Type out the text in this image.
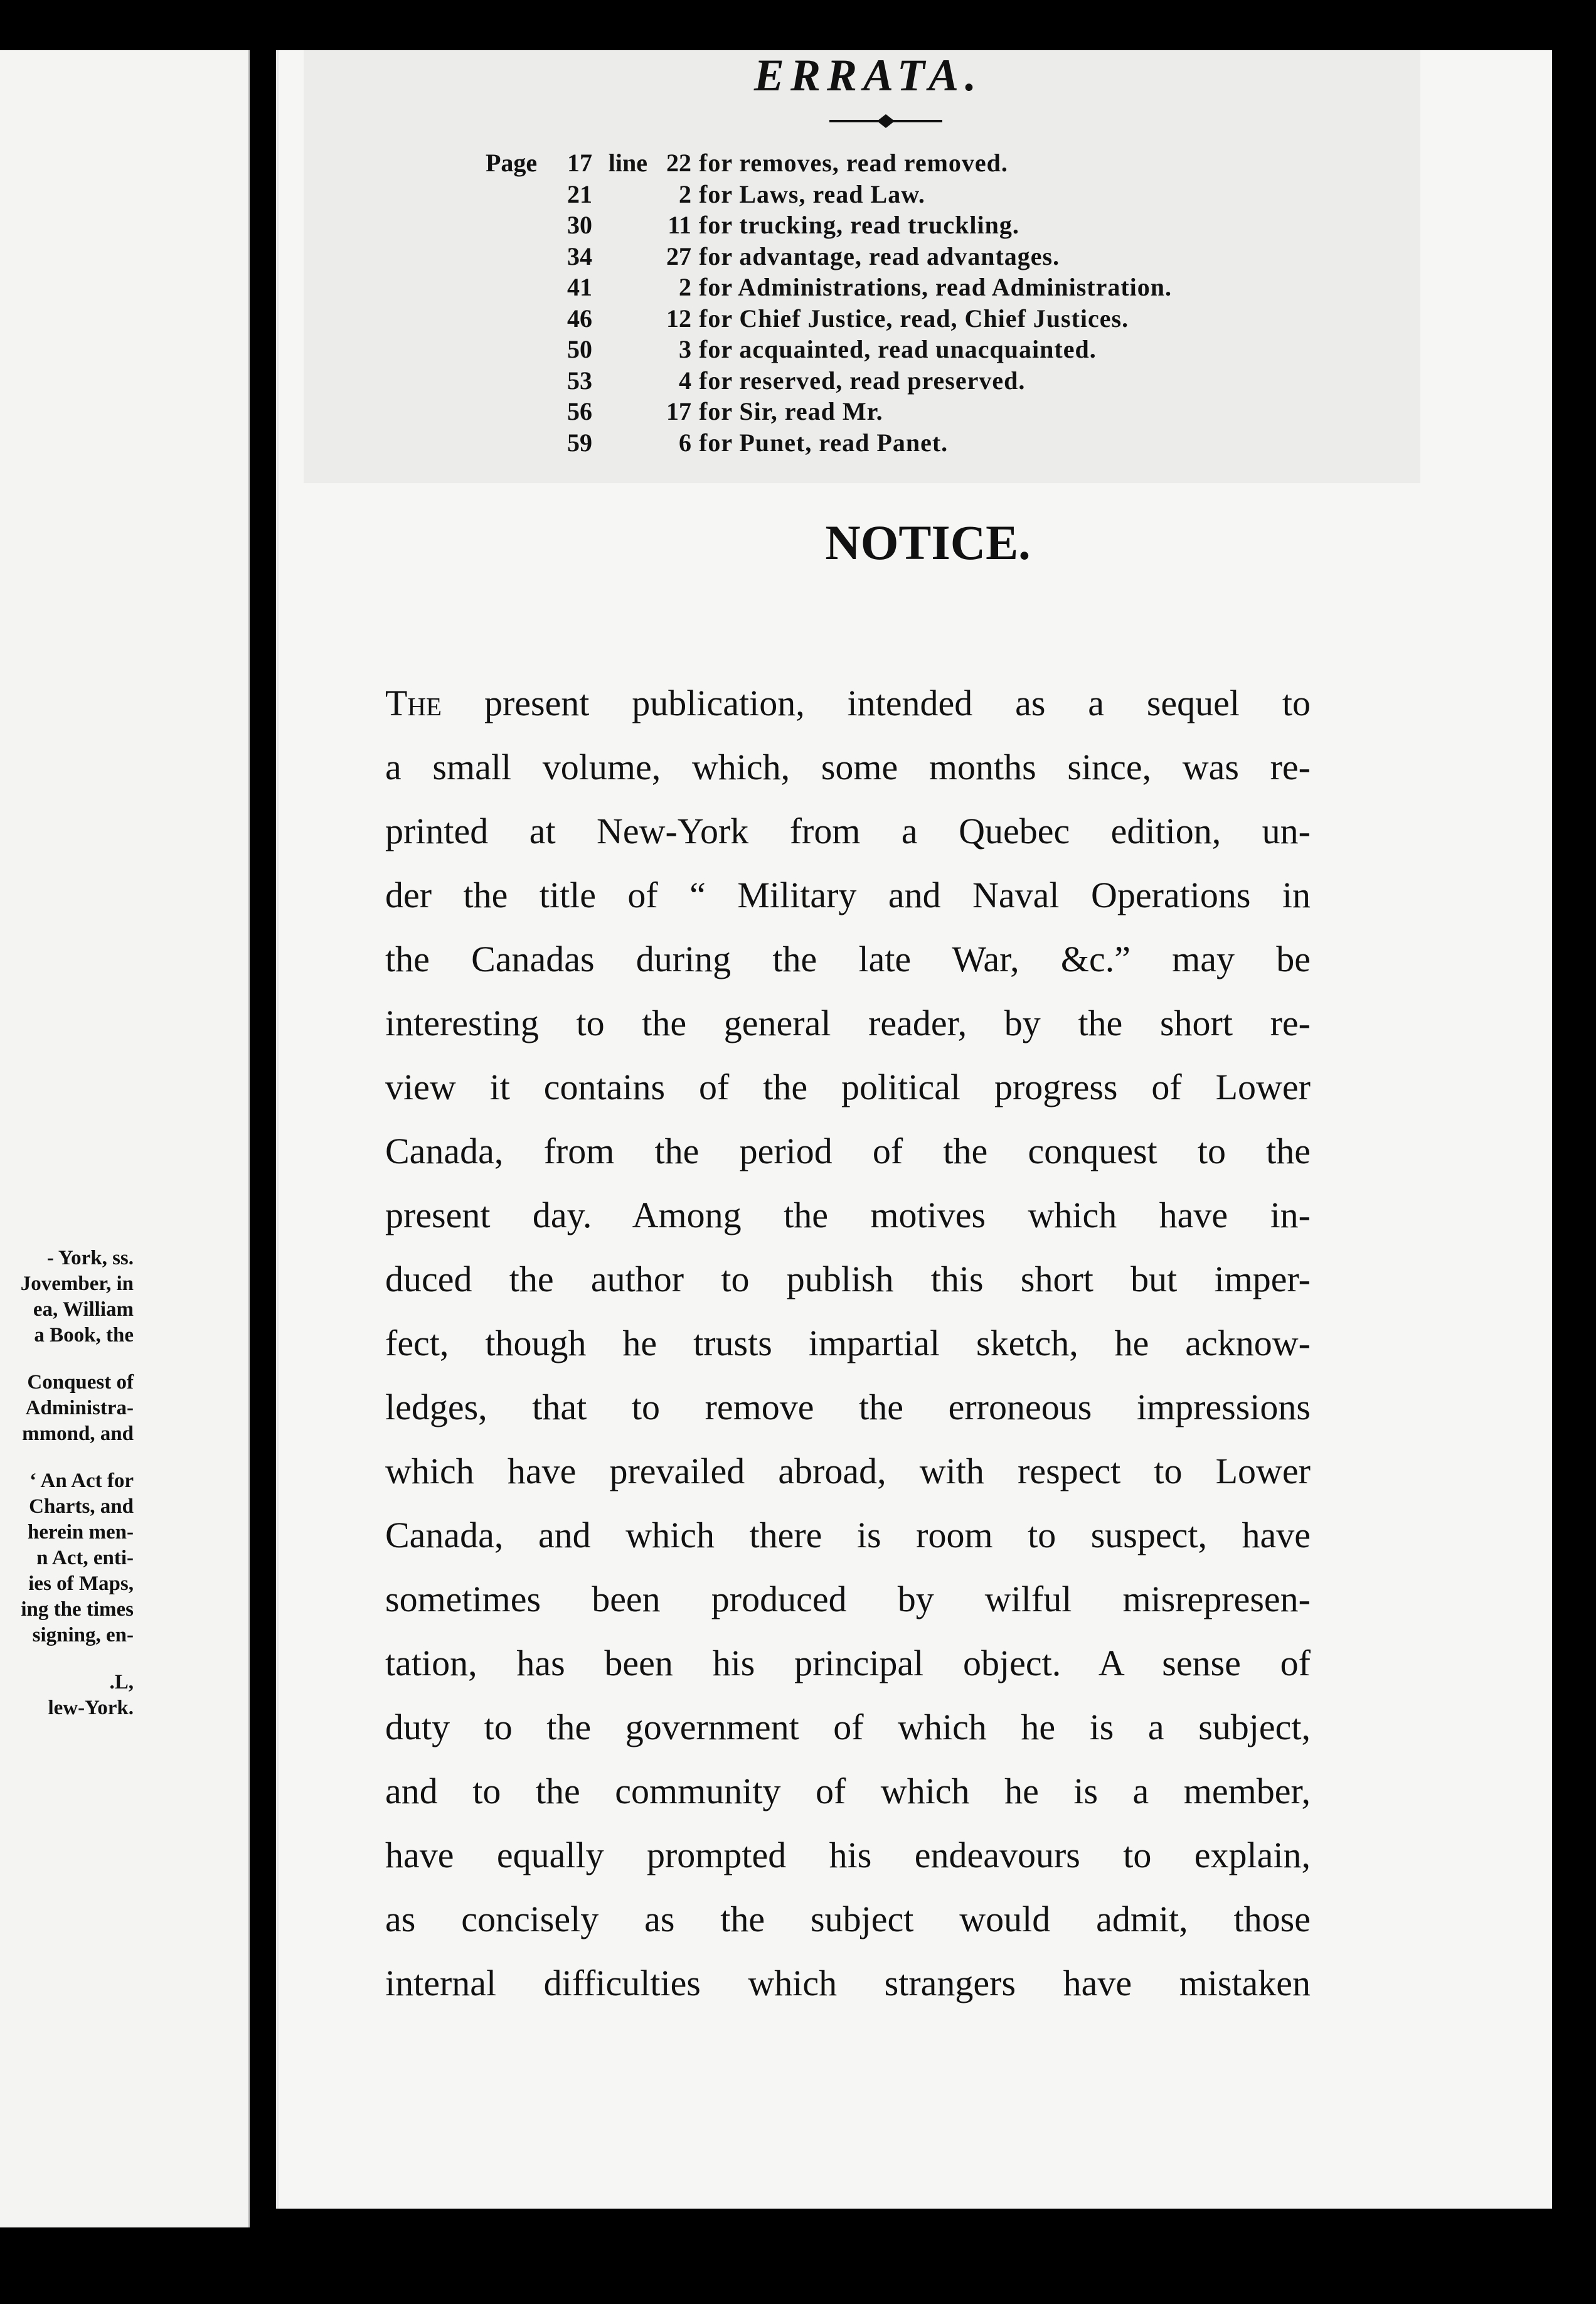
- York, ss.
Jovember, in
ea, William
a Book, the
Conquest of
Administra-
mmond, and
‘ An Act for
Charts, and
herein men-
n Act, enti-
ies of Maps,
ing the times
signing, en-
.L,
lew-York.
ERRATA.
Page	17	line	22	for removes, read removed.
	21		2	for Laws, read Law.
	30		11	for trucking, read truckling.
	34		27	for advantage, read advantages.
	41		2	for Administrations, read Administration.
	46		12	for Chief Justice, read, Chief Justices.
	50		3	for acquainted, read unacquainted.
	53		4	for reserved, read preserved.
	56		17	for Sir, read Mr.
	59		6	for Punet, read Panet.
NOTICE.
The present publication, intended as a sequel to
a small volume, which, some months since, was re-
printed at New-York from a Quebec edition, un-
der the title of “ Military and Naval Operations in
the Canadas during the late War, &c.” may be
interesting to the general reader, by the short re-
view it contains of the political progress of Lower
Canada, from the period of the conquest to the
present day. Among the motives which have in-
duced the author to publish this short but imper-
fect, though he trusts impartial sketch, he acknow-
ledges, that to remove the erroneous impressions
which have prevailed abroad, with respect to Lower
Canada, and which there is room to suspect, have
sometimes been produced by wilful misrepresen-
tation, has been his principal object. A sense of
duty to the government of which he is a subject,
and to the community of which he is a member,
have equally prompted his endeavours to explain,
as concisely as the subject would admit, those
internal difficulties which strangers have mistaken
